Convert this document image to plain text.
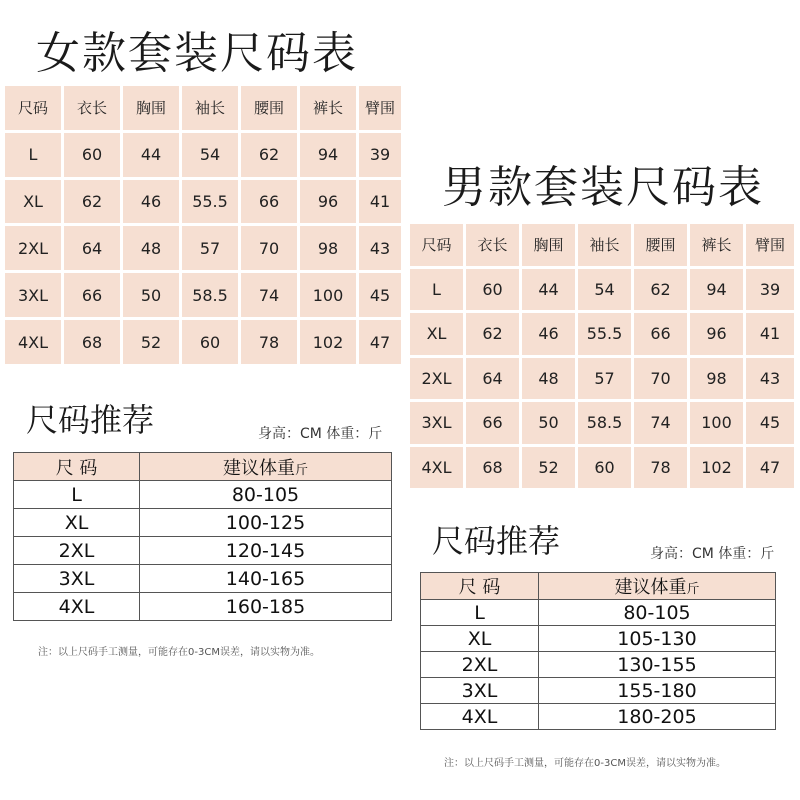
女款套装尺码表
尺码	衣长	胸围	袖长	腰围	裤长	臂围
L	60	44	54	62	94	39
XL	62	46	55.5	66	96	41
2XL	64	48	57	70	98	43
3XL	66	50	58.5	74	100	45
4XL	68	52	60	78	102	47
尺码推荐	身高：CM 体重：斤
尺 码	建议体重斤
L	80-105
XL	100-125
2XL	120-145
3XL	140-165
4XL	160-185
注：以上尺码手工测量，可能存在0-3CM误差，请以实物为准。
男款套装尺码表
尺码	衣长	胸围	袖长	腰围	裤长	臂围
L	60	44	54	62	94	39
XL	62	46	55.5	66	96	41
2XL	64	48	57	70	98	43
3XL	66	50	58.5	74	100	45
4XL	68	52	60	78	102	47
尺码推荐	身高：CM 体重：斤
尺 码	建议体重斤
L	80-105
XL	105-130
2XL	130-155
3XL	155-180
4XL	180-205
注：以上尺码手工测量，可能存在0-3CM误差，请以实物为准。
